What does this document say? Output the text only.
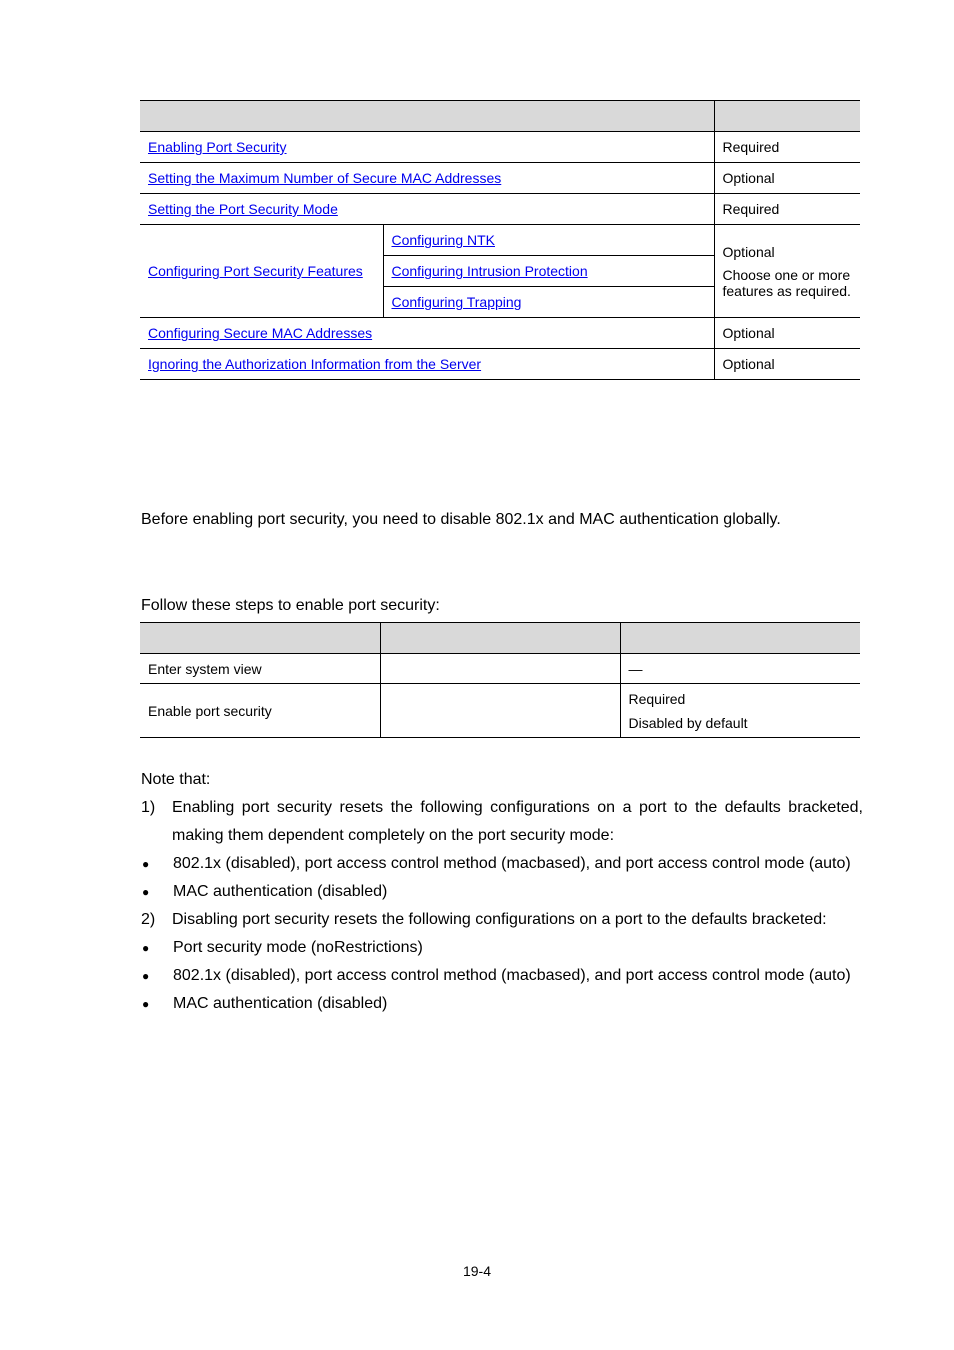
Enabling Port Security		Required
Setting the Maximum Number of Secure MAC Addresses		Optional
Setting the Port Security Mode		Required
Configuring Port Security Features	Configuring NTK	Optional
Choose one or more features as required.

	Configuring Intrusion Protection	
	Configuring Trapping	
Configuring Secure MAC Addresses		Optional
Ignoring the Authorization Information from the Server		Optional
Before enabling port security, you need to disable 802.1x and MAC authentication globally.
Follow these steps to enable port security:

Enter system view		—
Enable port security		Required
Disabled by default
Note that:
1)	Enabling port security resets the following configurations on a port to the defaults bracketed,
making them dependent completely on the port security mode:
●	802.1x (disabled), port access control method (macbased), and port access control mode (auto)
●	MAC authentication (disabled)
2)	Disabling port security resets the following configurations on a port to the defaults bracketed:
●	Port security mode (noRestrictions)
●	802.1x (disabled), port access control method (macbased), and port access control mode (auto)
●	MAC authentication (disabled)
19-4
